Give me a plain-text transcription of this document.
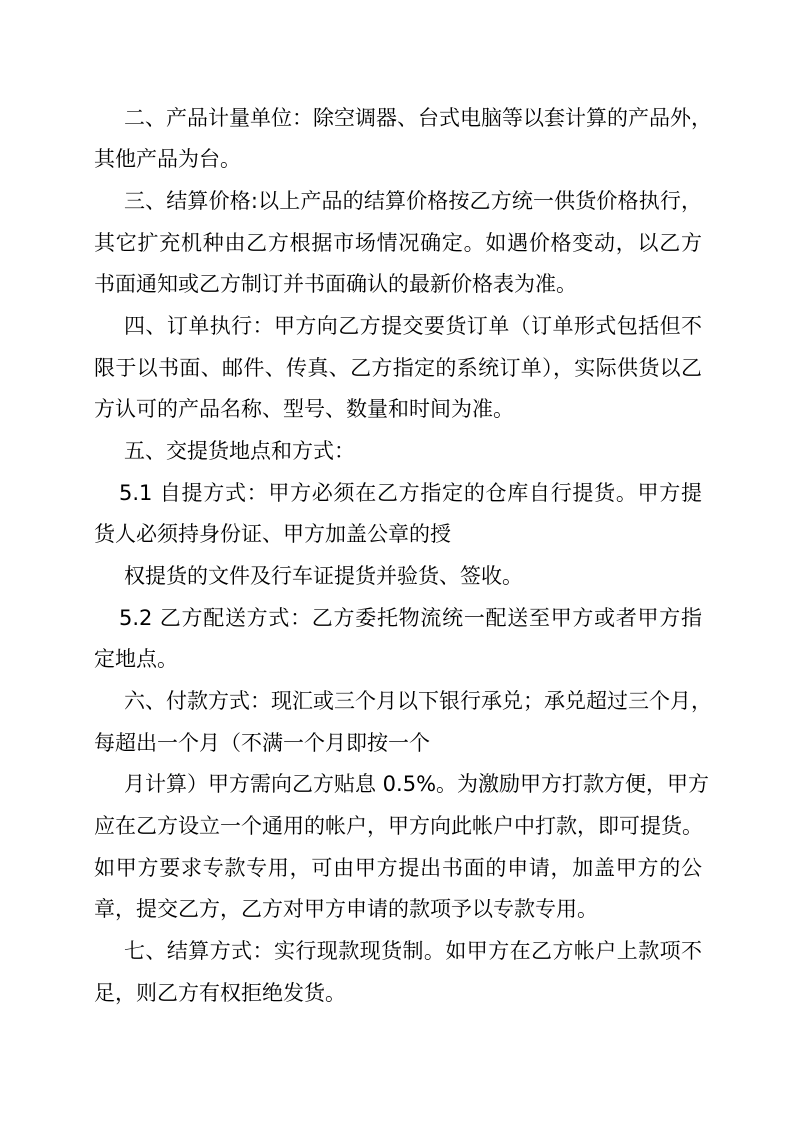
二、产品计量单位：除空调器、台式电脑等以套计算的产品外，

其他产品为台。

三、结算价格:以上产品的结算价格按乙方统一供货价格执行，

其它扩充机种由乙方根据市场情况确定。如遇价格变动，以乙方

书面通知或乙方制订并书面确认的最新价格表为准。

四、订单执行：甲方向乙方提交要货订单（订单形式包括但不

限于以书面、邮件、传真、乙方指定的系统订单），实际供货以乙

方认可的产品名称、型号、数量和时间为准。

五、交提货地点和方式：

5.1 自提方式：甲方必须在乙方指定的仓库自行提货。甲方提

货人必须持身份证、甲方加盖公章的授

权提货的文件及行车证提货并验货、签收。

5.2 乙方配送方式：乙方委托物流统一配送至甲方或者甲方指

定地点。

六、付款方式：现汇或三个月以下银行承兑；承兑超过三个月，

每超出一个月（不满一个月即按一个

月计算）甲方需向乙方贴息 0.5%。为激励甲方打款方便，甲方

应在乙方设立一个通用的帐户，甲方向此帐户中打款，即可提货。

如甲方要求专款专用，可由甲方提出书面的申请，加盖甲方的公

章，提交乙方，乙方对甲方申请的款项予以专款专用。

七、结算方式：实行现款现货制。如甲方在乙方帐户上款项不

足，则乙方有权拒绝发货。
